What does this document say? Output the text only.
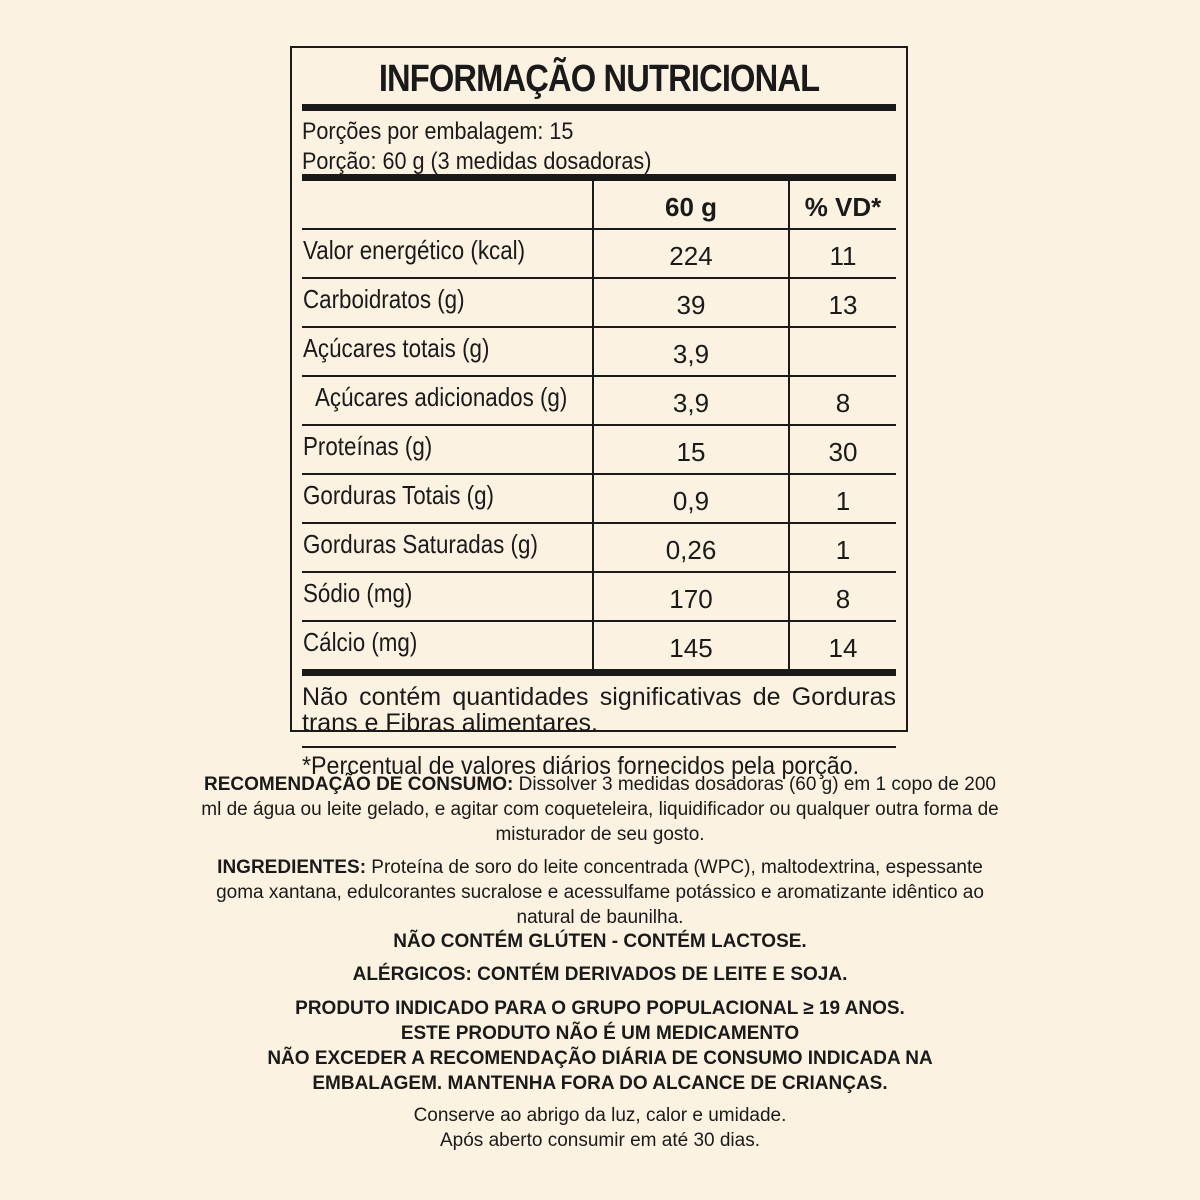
INFORMAÇÃO NUTRICIONAL
Porções por embalagem: 15
Porção: 60 g (3 medidas dosadoras)
	60 g	% VD*
Valor energético (kcal)	224	11
Carboidratos (g)	39	13
Açúcares totais (g)	3,9	
Açúcares adicionados (g)	3,9	8
Proteínas (g)	15	30
Gorduras Totais (g)	0,9	1
Gorduras Saturadas (g)	0,26	1
Sódio (mg)	170	8
Cálcio (mg)	145	14
Não contém quantidades significativas de Gorduras trans e Fibras alimentares.
*Percentual de valores diários fornecidos pela porção.
RECOMENDAÇÃO DE CONSUMO: Dissolver 3 medidas dosadoras (60 g) em 1 copo de 200 ml de água ou leite gelado, e agitar com coqueteleira, liquidificador ou qualquer outra forma de misturador de seu gosto.
INGREDIENTES: Proteína de soro do leite concentrada (WPC), maltodextrina, espessante goma xantana, edulcorantes sucralose e acessulfame potássico e aromatizante idêntico ao natural de baunilha.
NÃO CONTÉM GLÚTEN - CONTÉM LACTOSE.
ALÉRGICOS: CONTÉM DERIVADOS DE LEITE E SOJA.
PRODUTO INDICADO PARA O GRUPO POPULACIONAL ≥ 19 ANOS.
ESTE PRODUTO NÃO É UM MEDICAMENTO
NÃO EXCEDER A RECOMENDAÇÃO DIÁRIA DE CONSUMO INDICADA NA EMBALAGEM. MANTENHA FORA DO ALCANCE DE CRIANÇAS.
Conserve ao abrigo da luz, calor e umidade.
Após aberto consumir em até 30 dias.
